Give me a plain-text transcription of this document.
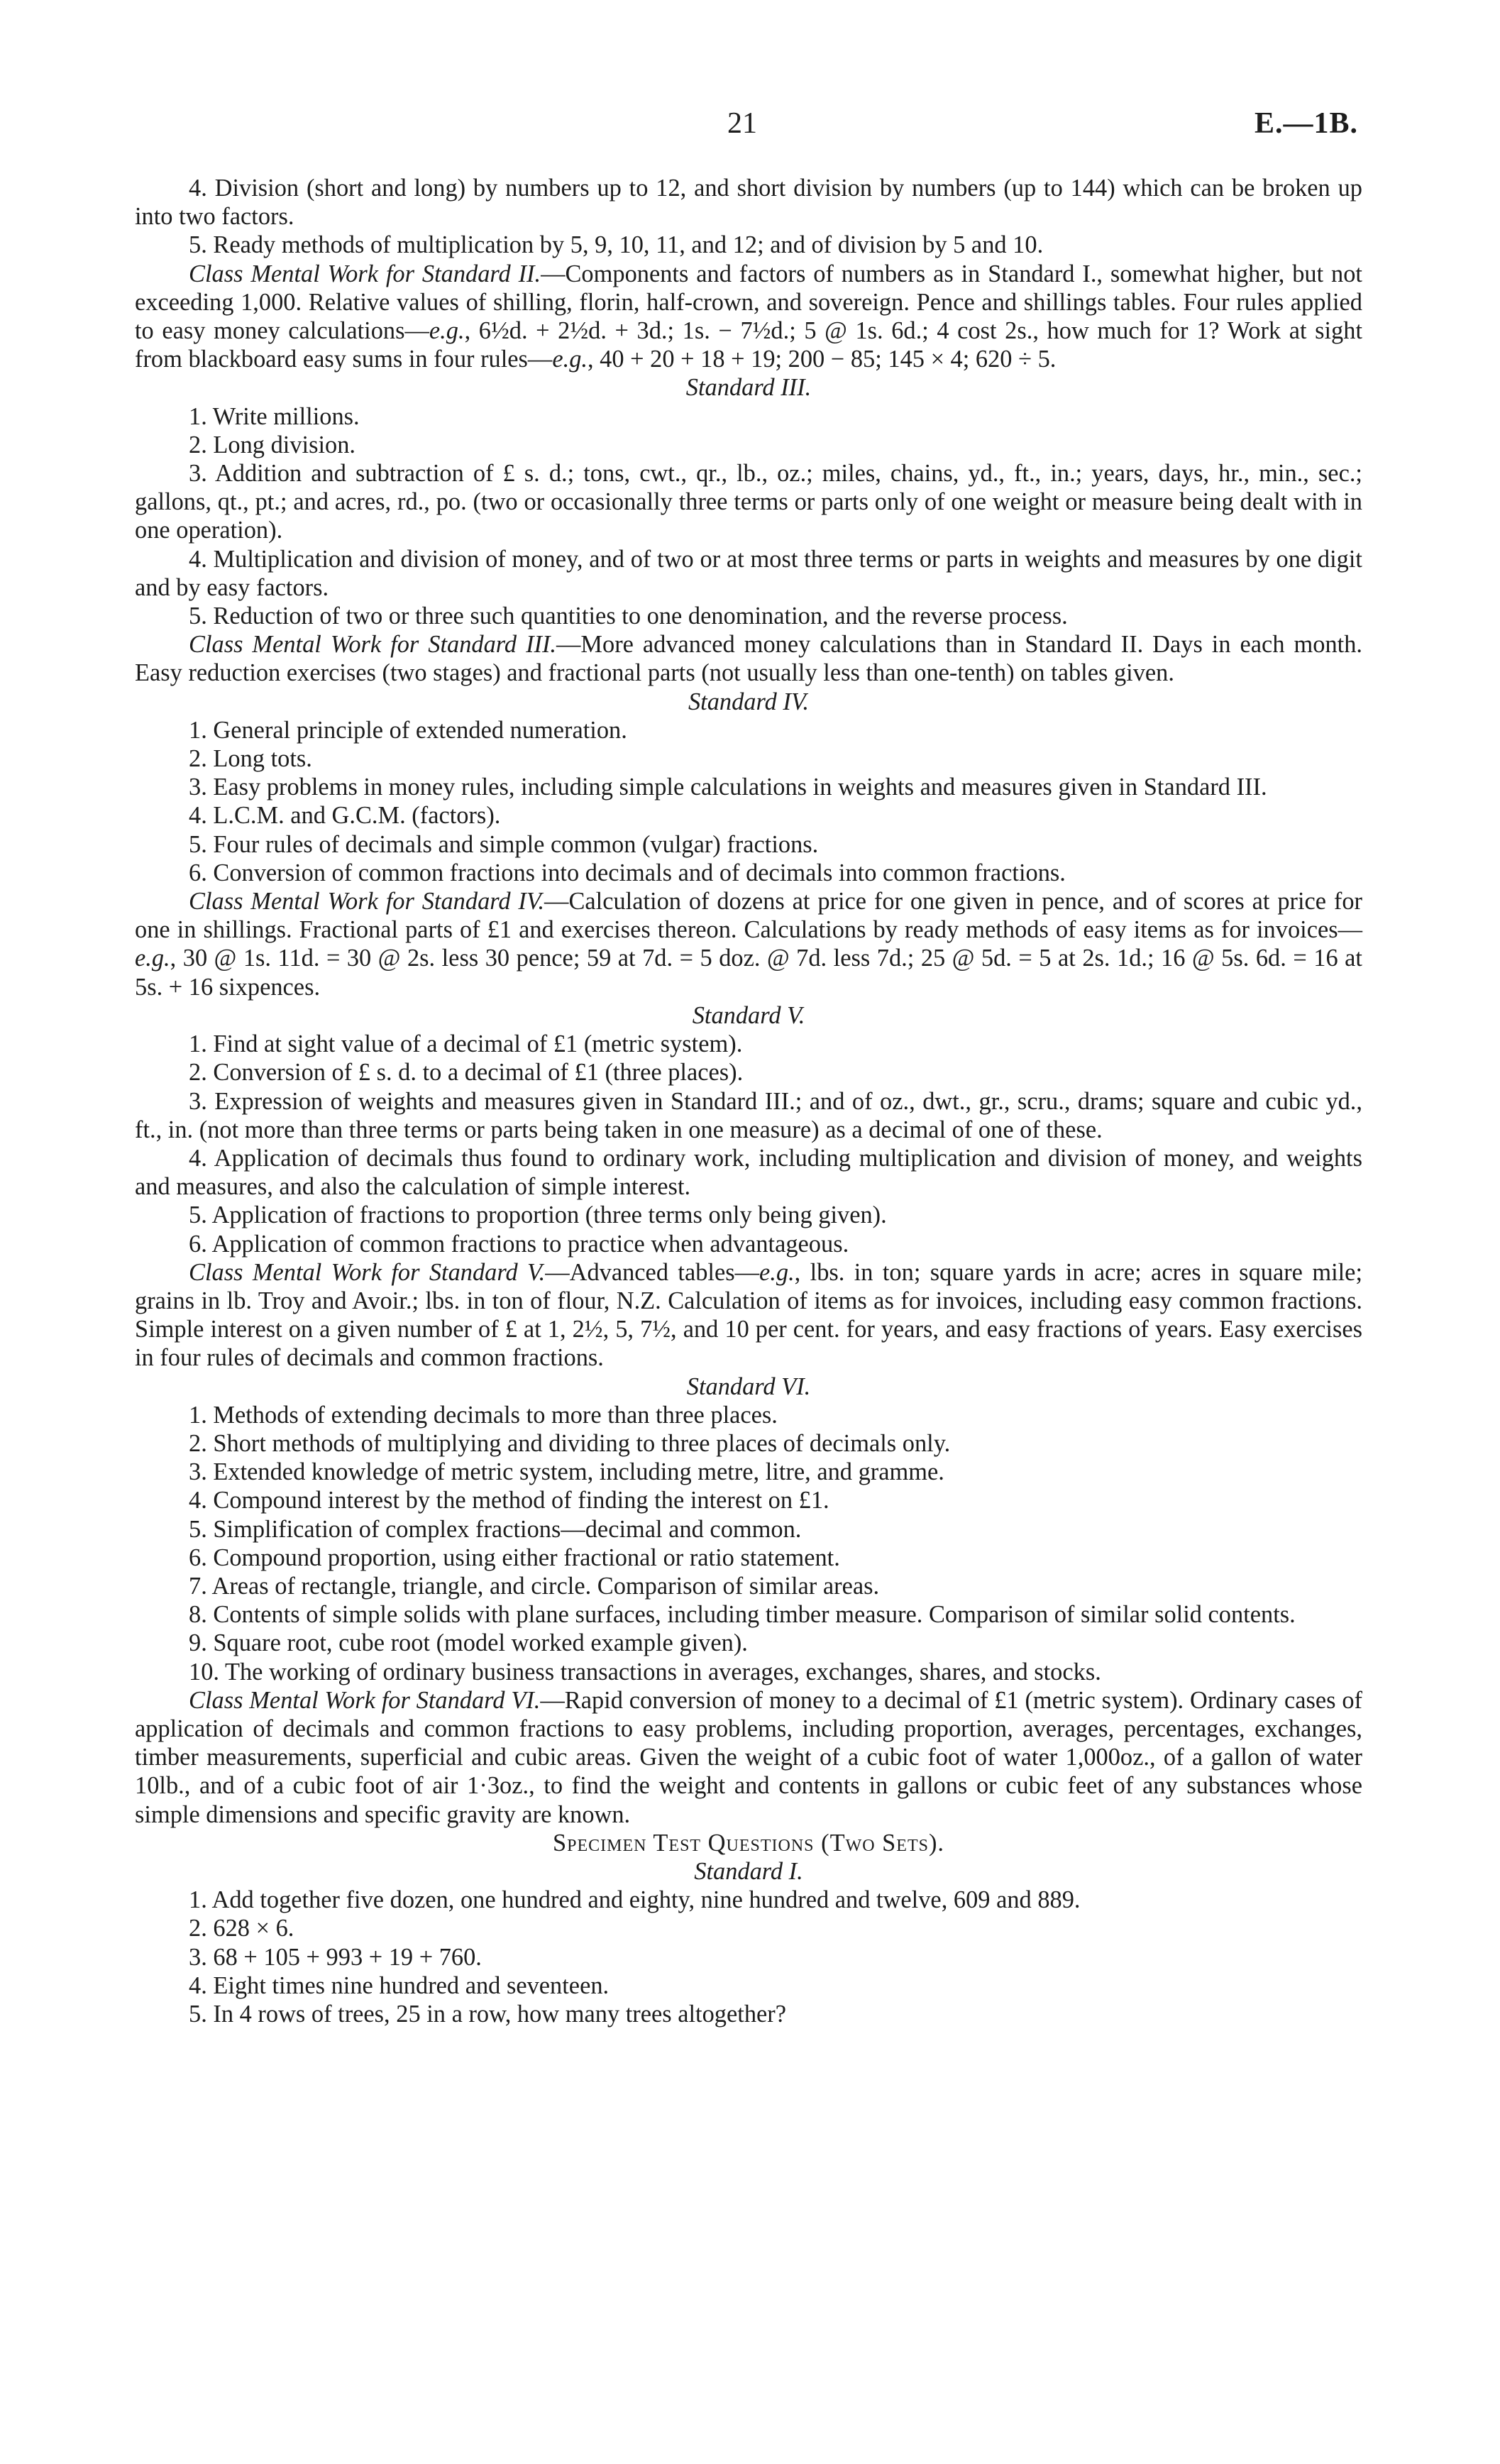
21	E.—1B.

4. Division (short and long) by numbers up to 12, and short division by numbers (up to 144) which can be broken up into two factors.

5. Ready methods of multiplication by 5, 9, 10, 11, and 12; and of division by 5 and 10.

Class Mental Work for Standard II.—Components and factors of numbers as in Standard I., somewhat higher, but not exceeding 1,000. Relative values of shilling, florin, half-crown, and sovereign. Pence and shillings tables. Four rules applied to easy money calculations—e.g., 6½d. + 2½d. + 3d.; 1s. − 7½d.; 5 @ 1s. 6d.; 4 cost 2s., how much for 1? Work at sight from blackboard easy sums in four rules—e.g., 40 + 20 + 18 + 19; 200 − 85; 145 × 4; 620 ÷ 5.

Standard III.

1. Write millions.

2. Long division.

3. Addition and subtraction of £ s. d.; tons, cwt., qr., lb., oz.; miles, chains, yd., ft., in.; years, days, hr., min., sec.; gallons, qt., pt.; and acres, rd., po. (two or occasionally three terms or parts only of one weight or measure being dealt with in one operation).

4. Multiplication and division of money, and of two or at most three terms or parts in weights and measures by one digit and by easy factors.

5. Reduction of two or three such quantities to one denomination, and the reverse process.

Class Mental Work for Standard III.—More advanced money calculations than in Standard II. Days in each month. Easy reduction exercises (two stages) and fractional parts (not usually less than one-tenth) on tables given.

Standard IV.

1. General principle of extended numeration.

2. Long tots.

3. Easy problems in money rules, including simple calculations in weights and measures given in Standard III.

4. L.C.M. and G.C.M. (factors).

5. Four rules of decimals and simple common (vulgar) fractions.

6. Conversion of common fractions into decimals and of decimals into common fractions.

Class Mental Work for Standard IV.—Calculation of dozens at price for one given in pence, and of scores at price for one in shillings. Fractional parts of £1 and exercises thereon. Calculations by ready methods of easy items as for invoices—e.g., 30 @ 1s. 11d. = 30 @ 2s. less 30 pence; 59 at 7d. = 5 doz. @ 7d. less 7d.; 25 @ 5d. = 5 at 2s. 1d.; 16 @ 5s. 6d. = 16 at 5s. + 16 sixpences.

Standard V.

1. Find at sight value of a decimal of £1 (metric system).

2. Conversion of £ s. d. to a decimal of £1 (three places).

3. Expression of weights and measures given in Standard III.; and of oz., dwt., gr., scru., drams; square and cubic yd., ft., in. (not more than three terms or parts being taken in one measure) as a decimal of one of these.

4. Application of decimals thus found to ordinary work, including multiplication and division of money, and weights and measures, and also the calculation of simple interest.

5. Application of fractions to proportion (three terms only being given).

6. Application of common fractions to practice when advantageous.

Class Mental Work for Standard V.—Advanced tables—e.g., lbs. in ton; square yards in acre; acres in square mile; grains in lb. Troy and Avoir.; lbs. in ton of flour, N.Z. Calculation of items as for invoices, including easy common fractions. Simple interest on a given number of £ at 1, 2½, 5, 7½, and 10 per cent. for years, and easy fractions of years. Easy exercises in four rules of decimals and common fractions.

Standard VI.

1. Methods of extending decimals to more than three places.

2. Short methods of multiplying and dividing to three places of decimals only.

3. Extended knowledge of metric system, including metre, litre, and gramme.

4. Compound interest by the method of finding the interest on £1.

5. Simplification of complex fractions—decimal and common.

6. Compound proportion, using either fractional or ratio statement.

7. Areas of rectangle, triangle, and circle. Comparison of similar areas.

8. Contents of simple solids with plane surfaces, including timber measure. Comparison of similar solid contents.

9. Square root, cube root (model worked example given).

10. The working of ordinary business transactions in averages, exchanges, shares, and stocks.

Class Mental Work for Standard VI.—Rapid conversion of money to a decimal of £1 (metric system). Ordinary cases of application of decimals and common fractions to easy problems, including proportion, averages, percentages, exchanges, timber measurements, superficial and cubic areas. Given the weight of a cubic foot of water 1,000oz., of a gallon of water 10lb., and of a cubic foot of air 1·3oz., to find the weight and contents in gallons or cubic feet of any substances whose simple dimensions and specific gravity are known.

Specimen Test Questions (Two Sets).

Standard I.

1. Add together five dozen, one hundred and eighty, nine hundred and twelve, 609 and 889.

2. 628 × 6.

3. 68 + 105 + 993 + 19 + 760.

4. Eight times nine hundred and seventeen.

5. In 4 rows of trees, 25 in a row, how many trees altogether?
